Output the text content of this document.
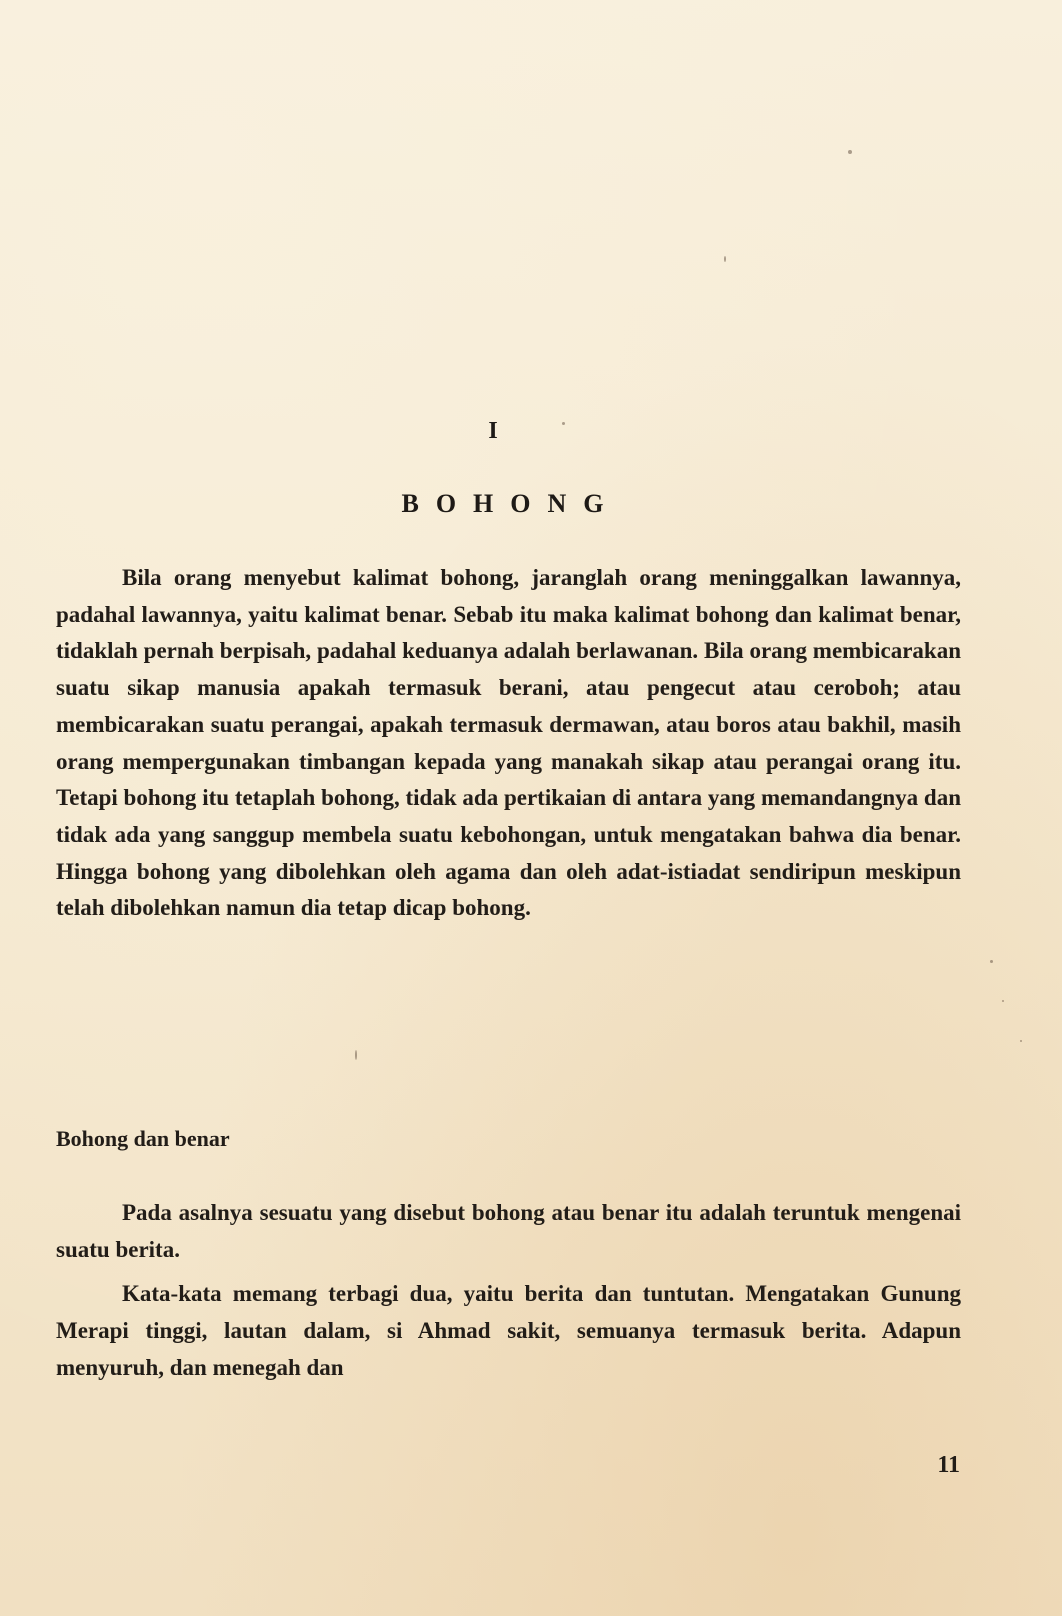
I
BOHONG

Bila orang menyebut kalimat bohong, jaranglah orang meninggalkan lawannya, padahal lawannya, yaitu kalimat benar. Sebab itu maka kalimat bohong dan kalimat benar, tidaklah pernah berpisah, padahal keduanya adalah berlawanan. Bila orang membicarakan suatu sikap manusia apakah termasuk berani, atau pengecut atau ceroboh; atau membicarakan suatu perangai, apakah termasuk dermawan, atau boros atau bakhil, masih orang mempergunakan timbangan kepada yang manakah sikap atau perangai orang itu. Tetapi bohong itu tetaplah bohong, tidak ada pertikaian di antara yang memandangnya dan tidak ada yang sanggup membela suatu kebohongan, untuk mengatakan bahwa dia benar. Hingga bohong yang dibolehkan oleh agama dan oleh adat-istiadat sendiripun meskipun telah dibolehkan namun dia tetap dicap bohong.

Bohong dan benar

Pada asalnya sesuatu yang disebut bohong atau benar itu adalah teruntuk mengenai suatu berita.

Kata-kata memang terbagi dua, yaitu berita dan tuntutan. Mengatakan Gunung Merapi tinggi, lautan dalam, si Ahmad sakit, semuanya termasuk berita. Adapun menyuruh, dan menegah dan

11
